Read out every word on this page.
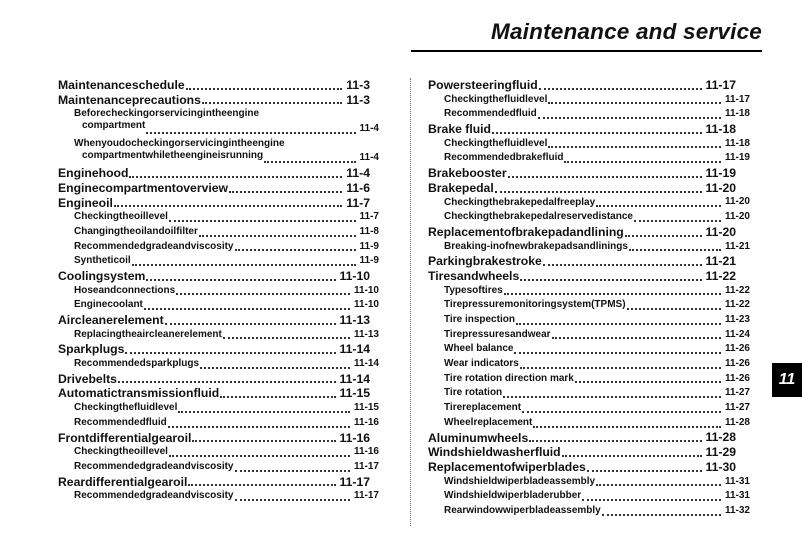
Maintenance and service
Maintenanceschedule	11-3
Maintenanceprecautions	11-3
Beforecheckingorservicingintheengine
compartment	11-4
Whenyoudocheckingorservicingintheengine
compartmentwhiletheengineisrunning	11-4
Enginehood	11-4
Enginecompartmentoverview	11-6
Engineoil	11-7
Checkingtheoillevel	11-7
Changingtheoilandoilfilter	11-8
Recommendedgradeandviscosity	11-9
Syntheticoil	11-9
Coolingsystem	11-10
Hoseandconnections	11-10
Enginecoolant	11-10
Aircleanerelement	11-13
Replacingtheaircleanerelement	11-13
Sparkplugs	11-14
Recommendedsparkplugs	11-14
Drivebelts	11-14
Automatictransmissionfluid	11-15
Checkingthefluidlevel	11-15
Recommendedfluid	11-16
Frontdifferentialgearoil	11-16
Checkingtheoillevel	11-16
Recommendedgradeandviscosity	11-17
Reardifferentialgearoil	11-17
Recommendedgradeandviscosity	11-17
Powersteeringfluid	11-17
Checkingthefluidlevel	11-17
Recommendedfluid	11-18
Brake fluid	11-18
Checkingthefluidlevel	11-18
Recommendedbrakefluid	11-19
Brakebooster	11-19
Brakepedal	11-20
Checkingthebrakepedalfreeplay	11-20
Checkingthebrakepedalreservedistance	11-20
Replacementofbrakepadandlining	11-20
Breaking-inofnewbrakepadsandlinings	11-21
Parkingbrakestroke	11-21
Tiresandwheels	11-22
Typesoftires	11-22
Tirepressuremonitoringsystem(TPMS)	11-22
Tire inspection	11-23
Tirepressuresandwear	11-24
Wheel balance	11-26
Wear indicators	11-26
Tire rotation direction mark	11-26
Tire rotation	11-27
Tirereplacement	11-27
Wheelreplacement	11-28
Aluminumwheels	11-28
Windshieldwasherfluid	11-29
Replacementofwiperblades	11-30
Windshieldwiperbladeassembly	11-31
Windshieldwiperbladerubber	11-31
Rearwindowwiperbladeassembly	11-32
11
